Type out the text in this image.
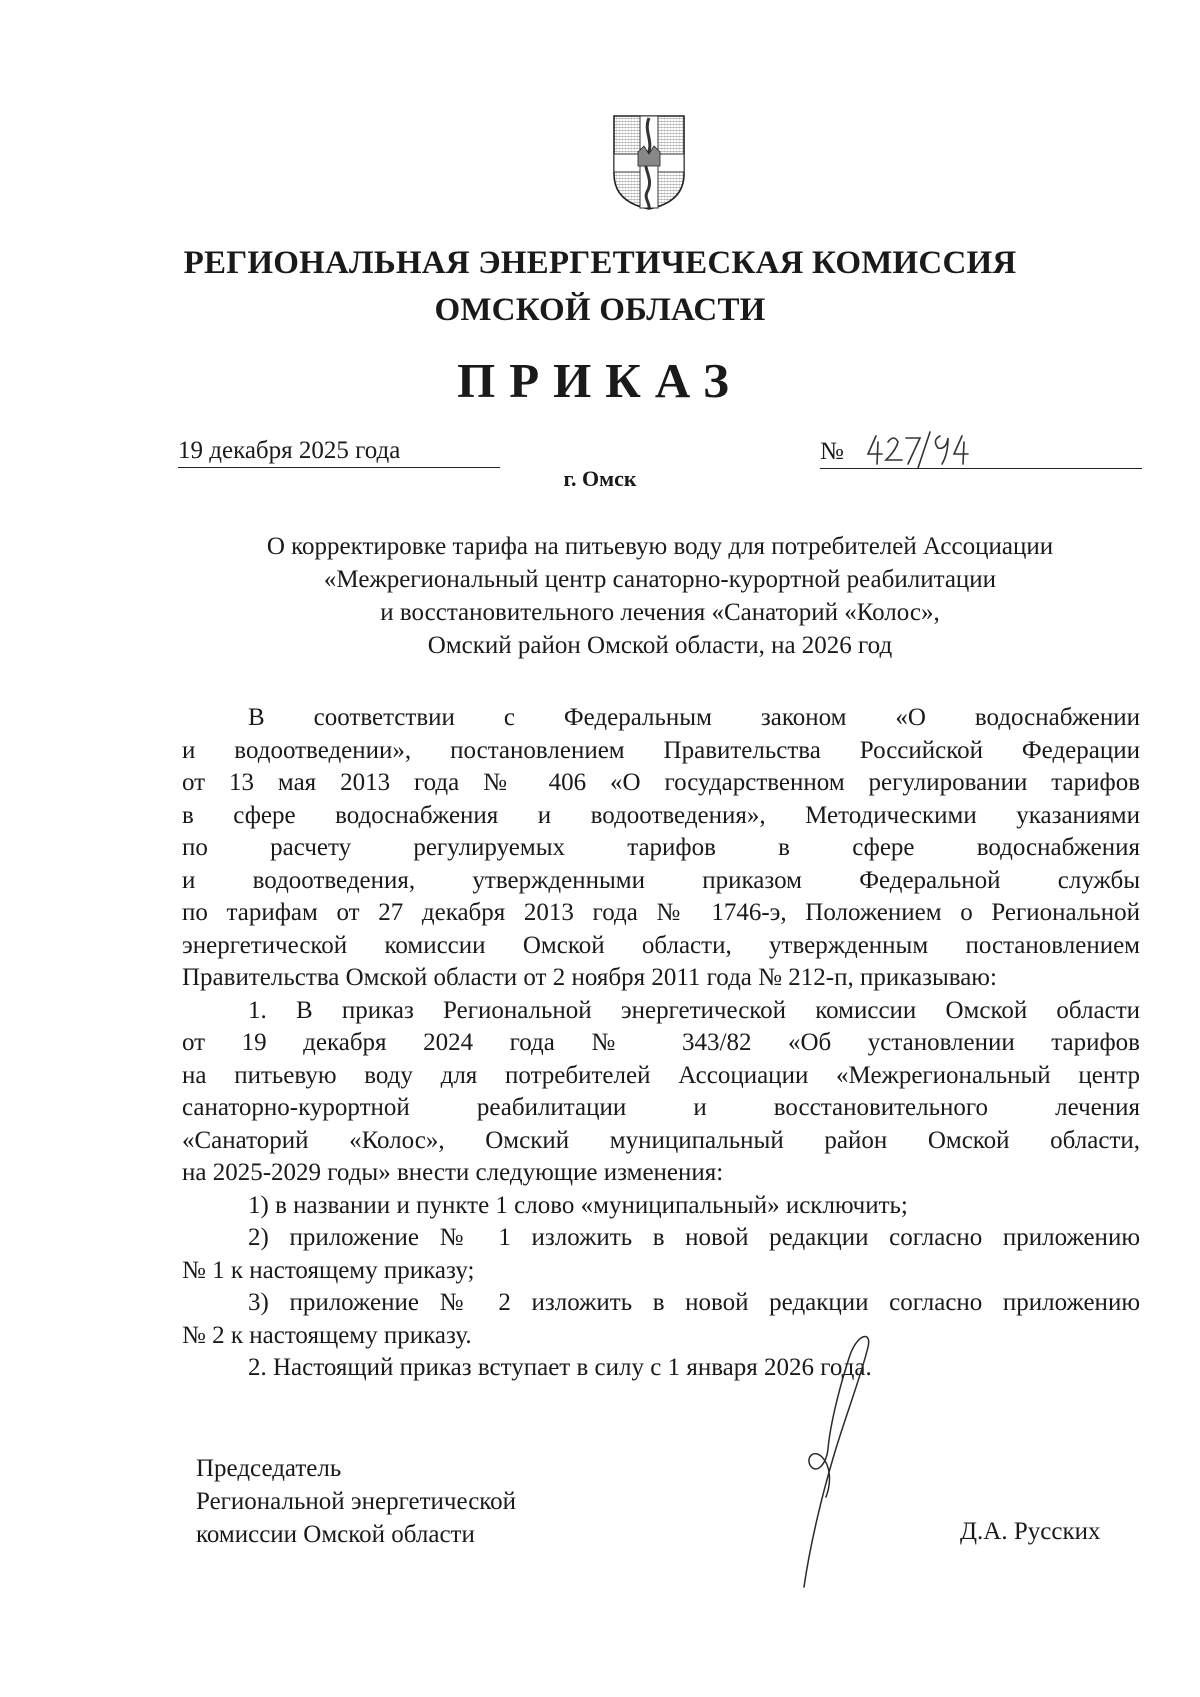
РЕГИОНАЛЬНАЯ ЭНЕРГЕТИЧЕСКАЯ КОМИССИЯ
ОМСКОЙ ОБЛАСТИ
ПРИКАЗ
19 декабря 2025 года	№
г. Омск
О корректировке тарифа на питьевую воду для потребителей Ассоциации
«Межрегиональный центр санаторно-курортной реабилитации
и восстановительного лечения «Санаторий «Колос»,
Омский район Омской области, на 2026 год
В соответствии с Федеральным законом «О водоснабжении
и водоотведении», постановлением Правительства Российской Федерации
от 13 мая 2013 года № 406 «О государственном регулировании тарифов
в сфере водоснабжения и водоотведения», Методическими указаниями
по расчету регулируемых тарифов в сфере водоснабжения
и водоотведения, утвержденными приказом Федеральной службы
по тарифам от 27 декабря 2013 года № 1746-э, Положением о Региональной
энергетической комиссии Омской области, утвержденным постановлением
Правительства Омской области от 2 ноября 2011 года № 212-п, приказываю:
1. В приказ Региональной энергетической комиссии Омской области
от 19 декабря 2024 года № 343/82 «Об установлении тарифов
на питьевую воду для потребителей Ассоциации «Межрегиональный центр
санаторно-курортной реабилитации и восстановительного лечения
«Санаторий «Колос», Омский муниципальный район Омской области,
на 2025-2029 годы» внести следующие изменения:
1) в названии и пункте 1 слово «муниципальный» исключить;
2) приложение № 1 изложить в новой редакции согласно приложению
№ 1 к настоящему приказу;
3) приложение № 2 изложить в новой редакции согласно приложению
№ 2 к настоящему приказу.
2. Настоящий приказ вступает в силу с 1 января 2026 года.
Председатель
Региональной энергетической
комиссии Омской области	Д.А. Русских
